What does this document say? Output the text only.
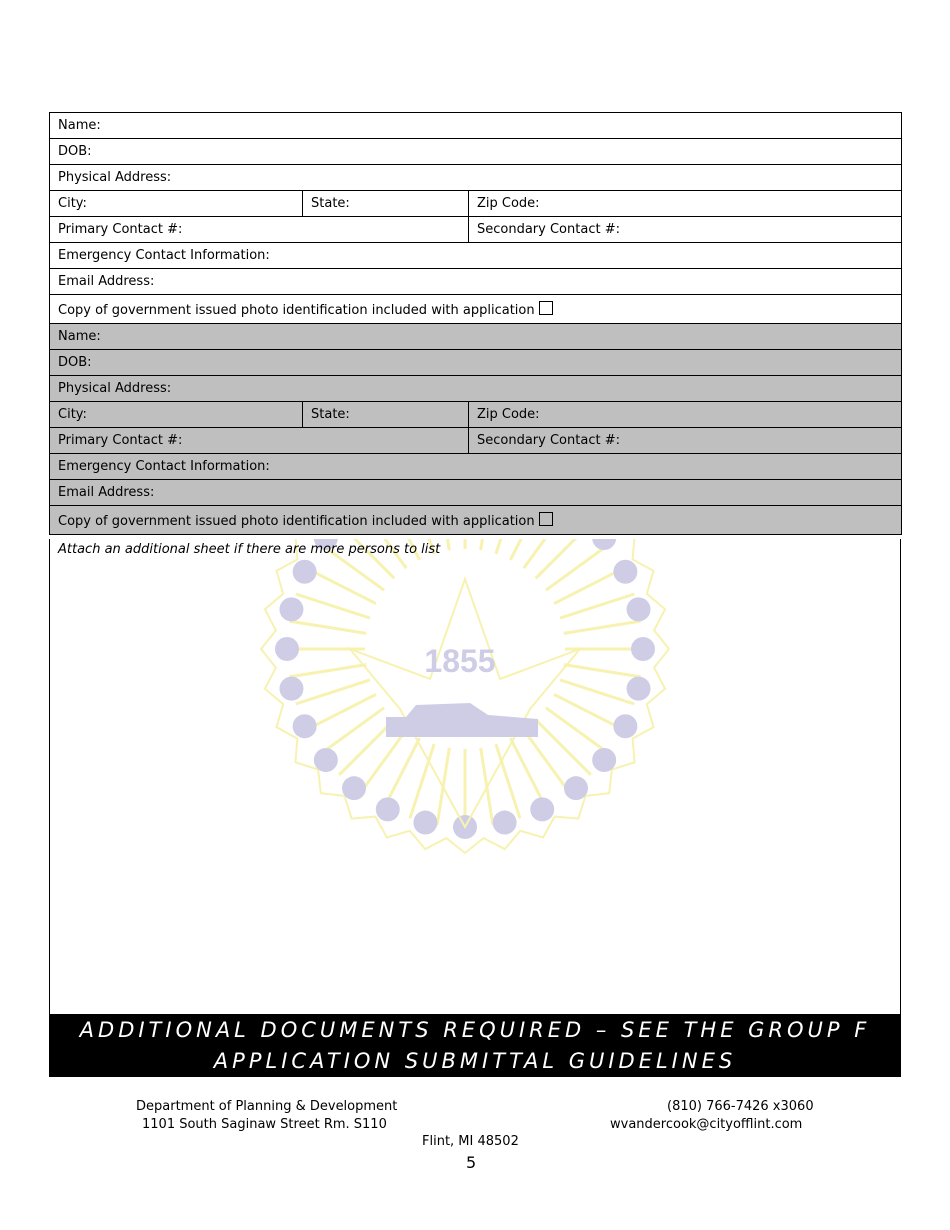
Name:		
DOB:		
Physical Address:		
City:	State:	Zip Code:
Primary Contact #:		Secondary Contact #:
Emergency Contact Information:		
Email Address:		
Copy of government issued photo identification included with application		
Name:		
DOB:		
Physical Address:		
City:	State:	Zip Code:
Primary Contact #:		Secondary Contact #:
Emergency Contact Information:		
Email Address:		
Copy of government issued photo identification included with application		
Attach an additional sheet if there are more persons to list
1855
ADDITIONAL DOCUMENTS REQUIRED – SEE THE GROUP F
APPLICATION SUBMITTAL GUIDELINES
Department of Planning & Development
1101 South Saginaw Street Rm. S110
Flint, MI 48502
(810) 766-7426 x3060
wvandercook@cityofflint.com
5
